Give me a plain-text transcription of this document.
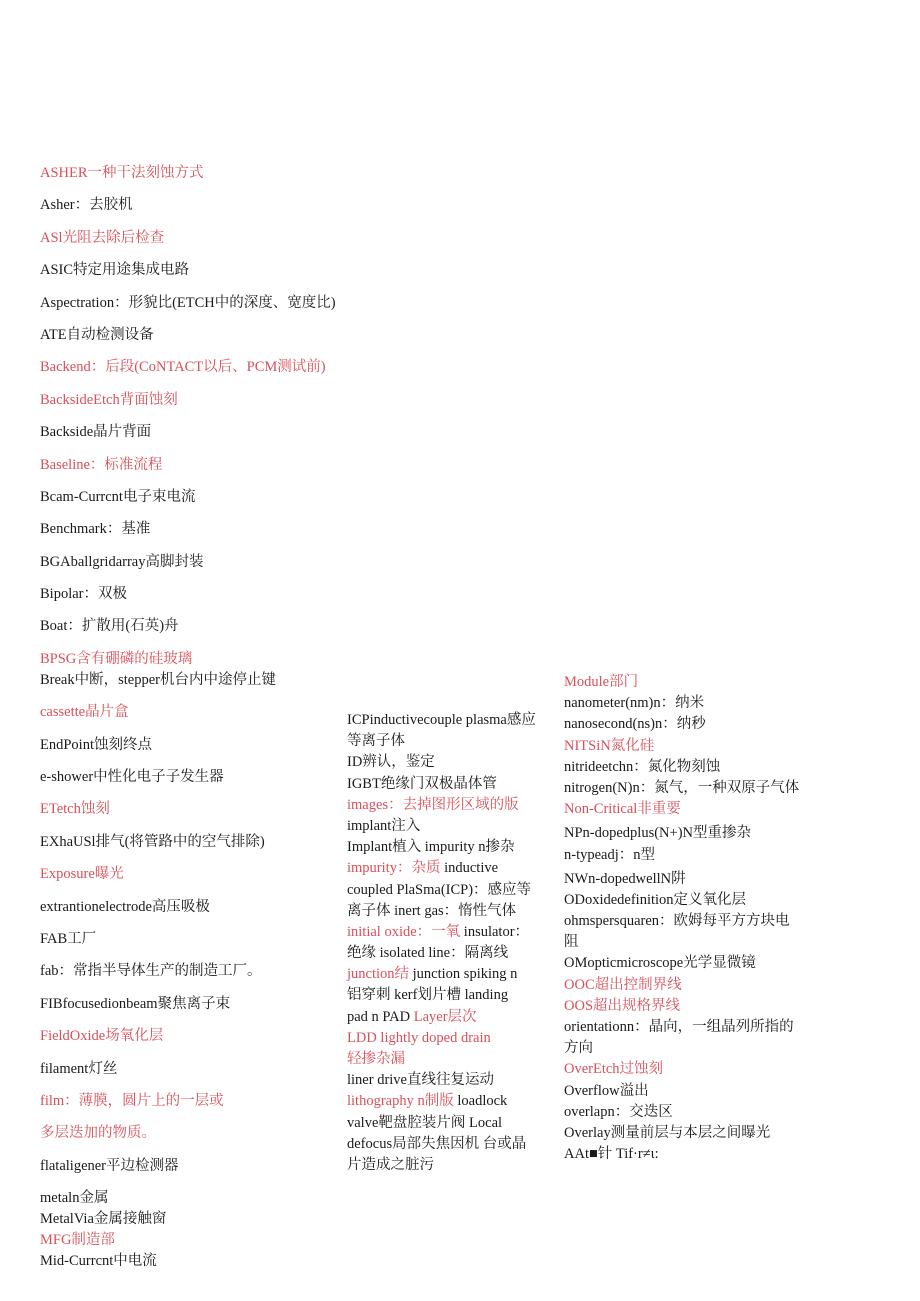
ASHER一种干法刻蚀方式

Asher：去胶机

ASl光阻去除后检查

ASIC特定用途集成电路

Aspectration：形貌比(ETCH中的深度、宽度比)

ATE自动检测设备

Backend：后段(CoNTACT以后、PCM测试前)

BacksideEtch背面蚀刻

Backside晶片背面

Baseline：标准流程

Bcam-Currcnt电子束电流

Benchmark：基准

BGAballgridarray高脚封装

Bipolar：双极

Boat：扩散用(石英)舟

BPSG含有硼磷的硅玻璃

Break中断，stepper机台内中途停止键

cassette晶片盒

EndPoint蚀刻终点

e-shower中性化电子子发生器

ETetch蚀刻

EXhaUSl排气(将管路中的空气排除)

Exposure曝光

extrantionelectrode高压吸极

FAB工厂

fab：常指半导体生产的制造工厂。

FIBfocusedionbeam聚焦离子束

FieldOxide场氧化层

filament灯丝

film：薄膜，圆片上的一层或

多层迭加的物质。

flataligener平边检测器

metaln金属

MetalVia金属接触窗

MFG制造部

Mid-Currcnt中电流

ICPinductivecouple plasma感应

等离子体

ID辨认，鉴定

IGBT绝缘门双极晶体管

images：去掉图形区域的版

implant注入

Implant植入 impurity n掺杂

impurity：杂质 inductive

coupled PlaSma(ICP)：感应等

离子体 inert gas：惰性气体

initial oxide：一氧 insulator：

绝缘 isolated line：隔离线

junction结 junction spiking n

铝穿刺 kerf划片槽 landing

pad n PAD Layer层次

LDD lightly doped drain

轻掺杂漏

liner drive直线往复运动

lithography n制版 loadlock

valve靶盘腔装片阀 Local

defocus局部失焦因机 台或晶

片造成之脏污

Module部门

nanometer(nm)n：纳米

nanosecond(ns)n：纳秒

NITSiN氮化硅

nitrideetchn：氮化物刻蚀

nitrogen(N)n：氮气，一种双原子气体

Non-Critical非重要

NPn-dopedplus(N+)N型重掺杂

n-typeadj：n型

NWn-dopedwellN阱

ODoxidedefinition定义氧化层

ohmspersquaren：欧姆每平方方块电

阻

OMopticmicroscope光学显微镜

OOC超出控制界线

OOS超出规格界线

orientationn：晶向，一组晶列所指的

方向

OverEtch过蚀刻

Overflow溢出

overlapn：交迭区

Overlay测量前层与本层之间曝光

AAt■针 Tif·r≠ι:
